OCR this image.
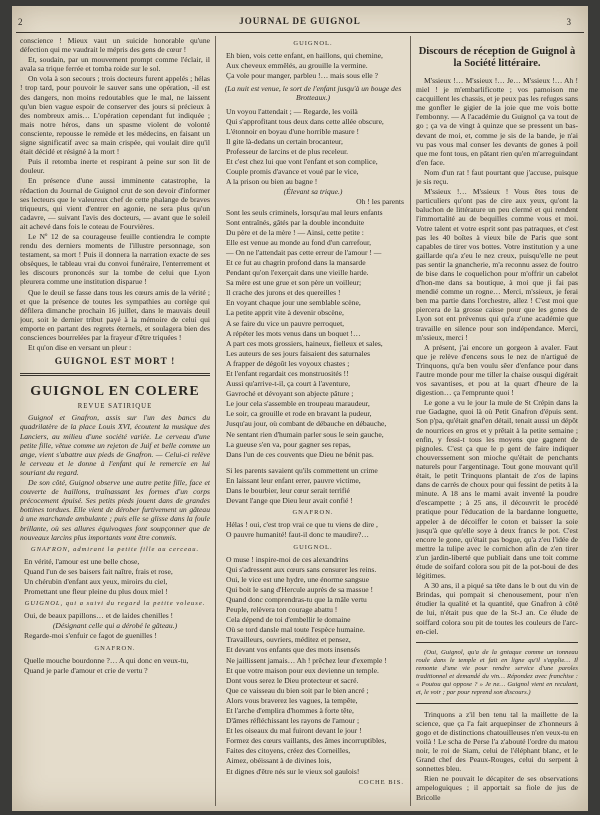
2	JOURNAL DE GUIGNOL	3

conscience ! Mieux vaut un suicide honorable qu'une défection qui me vaudrait le mépris des gens de cœur !

Et, soudain, par un mouvement prompt comme l'éclair, il avala sa trique ferrée et tomba roide sur le sol.

On vola à son secours ; trois docteurs furent appelés ; hélas ! trop tard, pour pouvoir le sauver sans une opération, -il est des dangers, non moins redoutables que le mal, ne laissent qu'un bien vague espoir de conserver des jours si précieux à des nombreux amis… L'opération cependant fut indiquée ; mais notre héros, dans un spasme violent de volonté consciente, repousse le remède et les médecins, en faisant un signe significatif avec sa main crispée, qui voulait dire qu'il était décidé et résigné à la mort !

Puis il retomba inerte et respirant à peine sur son lit de douleur.

En présence d'une aussi imminente catastrophe, la rédaction du Journal de Guignol crut de son devoir d'informer ses lecteurs que le valeureux chef de cette phalange de braves triqueurs, qui vient d'entrer en agonie, ne sera plus qu'un cadavre, — suivant l'avis des docteurs, — avant que le soleil ait achevé dans fois le coteau de Fourvières.

Le Nº 12 de sa courageuse feuille contiendra le compte rendu des derniers moments de l'illustre personnage, son testament, sa mort ! Puis il donnera la narration exacte de ses obsèques, le tableau vrai du convoi funéraire, l'enterrement et les discours prononcés sur la tombe de celui que Lyon pleurera comme une institution disparue !

Que le deuil se fasse dans tous les cœurs amis de la vérité ; et que la présence de toutes les sympathies au cortège qui défilera dimanche prochain 16 juillet, dans le mauvais deuil jour, soit le dernier tribut payé à la mémoire de celui qui emporte en partant des regrets éternels, et soulagera bien des consciences bourrelées par la frayeur d'être triquées !

Et qu'on dise en versant un pleur :

GUIGNOL EST MORT !

GUIGNOL EN COLERE
REVUE SATIRIQUE

Guignol et Gnafron, assis sur l'un des bancs du quadrilatère de la place Louis XVI, écoutent la musique des Lanciers, au milieu d'une société variée. Le cerveau d'une petite fille, vêtue comme un rejeton de Juif et belle comme un ange, vient s'abattre aux pieds de Gnafron. — Celui-ci relève le cerveau et le donne à l'enfant qui le remercie en lui souriant du regard.

De son côté, Guignol observe une autre petite fille, face et couverte de haillons, traînassant les formes d'un corps précocement épuisé. Ses petits pieds jouent dans de grandes bottines tordues. Elle vient de dérober furtivement un gâteau à une marchande ambulante ; puis elle se glisse dans la foule brillante, où ses allures équivoques font soupçonner que de nouveaux larcins plus importants vont être commis.

GNAFRON, admirant la petite fille au cerceau.

En vérité, l'amour est une belle chose,

Quand l'un de ses baisers fait naître, frais et rose,

Un chérubin d'enfant aux yeux, miroirs du ciel,

Promettant une fleur pleine du plus doux miel !

GUIGNOL, qui a suivi du regard la petite voleuse.

Oui, de beaux papillons… et de laides chenilles !

(Désignant celle qui a dérobé le gâteau.)

Regarde-moi s'enfuir ce fagot de guenilles !

GNAFRON.

Quelle mouche bourdonne ?… A qui donc en veux-tu,

Quand je parle d'amour et crie de vertu ?

GUIGNOL.

Eh bien, vois cette enfant, en haillons, qui chemine,

Aux cheveux emmêlés, au grouille la vermine.

Ça vole pour manger, parbleu !… mais sous elle ?

(La nuit est venue, le sort de l'enfant jusqu'à un bouge des Brotteaux.)

Un voyou l'attendait ; — Regarde, les voilà

Qui s'approfitant tous deux dans cette allée obscure,

L'étonnoir en boyau d'une horrible masure !

Il gite là-dedans un certain brocanteur,

Professeur de larcins et de plus receleur.

Et c'est chez lui que vont l'enfant et son complice,

Couple promis d'avance et voué par le vice,

A la prison ou bien au bagne !

(Élevant sa trique.)

Oh ! les parents

Sont les seuls criminels, lorsqu'au mal leurs enfants

Sont entraînés, gâtés par la double inconduite

Du père et de la mère ! — Ainsi, cette petite :

Elle est venue au monde au fond d'un carrefour,

— On ne l'attendait pas cette erreur de l'amour ! —

Et ce fut au chagrin profond dans la mansarde

Pendant qu'on l'exerçait dans une vieille harde.

Sa mère est une grue et son père un voilleur;

Il crache des jurons et des quereilles !

En voyant chaque jour une semblable scène,

La petite apprit vite à devenir obscène,

A se faire du vice un pauvre perroquet,

A répéter les mots venus dans un boquet !…

A part ces mots grossiers, haineux, fielleux et sales,

Les auteurs de ses jours faisaient des saturnales

A frapper de dégoût les voyoux chastes ;

Et l'enfant regardait ces monstruosités !!

Aussi qu'arrive-t-il, ça court à l'aventure,

Gavroché et dévoyant son abjecte pâture ;

Le jour cela s'assemble en troupeau maraudeur,

Le soir, ca grouille et rode en bravant la pudeur,

Jusqu'au jour, où combant de débauche en débauche,

Ne sentant rien d'humain parler sous le sein gauche,

La gueuse s'en va, pour gagner ses repas,

Dans l'un de ces couvents que Dieu ne bénit pas.

Si les parents savaient qu'ils commettent un crime

En laissant leur enfant errer, pauvre victime,

Dans le bourbier, leur cœur serait terrifié

Devant l'ange que Dieu leur avait confié !

GNAFRON.

Hélas ! oui, c'est trop vrai ce que tu viens de dire ,

O pauvre humanité! faut-il donc te maudire?…

GUIGNOL.

O muse ! inspire-moi de ces alexandrins

Qui s'adressent aux cœurs sans censurer les reins.

Oui, le vice est une hydre, une énorme sangsue

Qui boit le sang d'Hercule auprès de sa massue !

Quand donc comprendras-tu que la mâle vertu

Peuple, relèvera ton courage abattu !

Cela dépend de toi d'embellir le domaine

Où se tord dansle mal toute l'espèce humaine.

Travailleurs, ouvriers, méditez et pensez,

Et devant vos enfants que des mots insensés

Ne jaillissent jamais… Ah ! prêchez leur d'exemple !

Et que votre maison pour eux devienne un temple.

Dont vous serez le Dieu protecteur et sacré.

Que ce vaisseau du bien soit par le bien ancré ;

Alors vous braverez les vagues, la tempête,

Et l'arche d'emplira d'hommes à forte tête,

D'âmes réfléchissant les rayons de l'amour ;

Et les oiseaux du mal fuiront devant le jour !

Formez des cœurs vaillants, des âmes incorruptibles,

Faites des citoyens, créez des Corneilles,

Aimez, obéissant à de divines lois,

Et dignes d'être nés sur le vieux sol gaulois!

COCHE BIS.
Discours de réception de Guignol à la Société littéraire.

M'ssieux !… M'ssieux !… Je… M'ssieux !… Ah ! miel ! je m'embarlificotte ; vos pamoison me cacquillent les chassis, et je peux pas les refuges sans me gonfler le gigier de la joie que me vois botte l'embonny. — A l'académie du Guignol ça va tout de go ; ça va de vingt à quinze que se pressent un bas-devant de moi, et, comme je sis de la bande, je n'ai vu pas vous mal conser les devants de gones à poil que me font tous, en pâtant rien qu'en m'arreguindant d'en face.

Nom d'un rat ! faut pourtant que j'accuse, puisque je sis reçu.

M'ssieux !… M'ssieux ! Vous êtes tous de particuliers qu'ont pas de cire aux yeux, qu'ont la baluchon de littérature un peu clermé et qui rendent l'immortalité au de bequilles comme vous et moi. Votre talent et votre esprit sont pas patraques, et c'est pas les 40 boîtes à vieux bile de Paris que sont capables de tirer vos bottes. Votre institution y a une gaillarde qu'a z'eu le nez creux, puisqu'elle ne peut pas sentir la gnancherie, m'a reconnu assez de foutro de bise dans le coquelichon pour m'offrir un cabelot d'hon-me dans sa boutique, à moi que ji fai pas mendié comme un rogne… Merci, m'ssieux, je ferai ben ma partie dans l'orchestre, allez ! C'est moi que piercera de la grosse caisse pour que les gones de Lyon sot ent prévenus qui qu'a z'une académie que travaille en silence pour son indépendance. Merci, m'ssieux, merci !

A présent, j'ai encore un gorgeon à avaler. Faut que je relève d'encens sous le nez de n'artigué de Trinquons, qu'a ben voulu sêer d'enfance pour dans l'autre monde pour me tiller la chaise ousqui digérait vos savantises, et pou at la quart d'heure de la digestion… ça l'emprunte quoi !

Le gone a vu le jour la mule de St Crépin dans la rue Gadagne, quoi là où Petit Gnafron d'épuis sent. Son p'pa, qu'était gnaf'en détail, tenait aussi un dépôt de nourrices en gros et y prêtait à la petite semaine ; enfin, y fessi-t tous les moyens que gagnent de pignoles. C'est ça que le p gent de faire indiquer chouverssement son mioche qu'était de penchants naturels pour l'argentinage. Tout gone mouvant qu'il était, le petit Trinquons plantait de z'os de lapins dans de carrés de choux pour qui fessint de petits à la minute. A 18 ans le mami avait inventé la poudre d'escampette ; à 25 ans, il découvrit le procédé pratique pour l'éducation de la bardanne longuette, appeler à de décoiffer le coton et baisser la soie jusqu'à que qu'elle soye à deux francs le pot. C'est encore le gone, qu'était pas bogue, qu'a z'eu l'idée de mettre la tulipe avec le cornichon afin de z'en tirer z'un jardin-liberté que publiait dans une toit comme étude de soifard colora sou pit de la pot-boui de des légitimes.

A 30 ans, il a piqué sa tête dans le b out du vin de Brindas, qui pompait si chenousement, pour n'en étudier la qualité et la quantité, que Gnafron à côté de lui, n'était pus que de la St-J an. Ce élude de soiffard colora sou pit de toutes les couleurs de l'arc-en-ciel.

(Oui, Guignol, qu'a de la gniaque comme un tonneau roule dans le temple et fait en ligne qu'il s'applie… Il remonte d'une vie pour rendre service d'une paroles traditionnel et demandé du vin… Répondez avec franchise : « Poutou qui oppose ? » Je ne… Guignol vient en reculant, et, le voir ; par pour reprend son discours.)

Trinquons a z'il ben tenu tal la maillette de la science, que ça l'a fait arquepinser de z'honneurs à gogo et de distinctions chatouilleuses n'en veux-tu en voilà ! Le scha de Perse l'a z'abouté l'ordre du matou noir, le roi de Siam, celui de l'éléphant blanc, et le Grand chef des Peaux-Rouges, celui du serpent à sonnettes bleu.

Rien ne pouvait le décapiter de ses observations ampeloguiques ; il apportait sa fiole de jus de Bricolle
